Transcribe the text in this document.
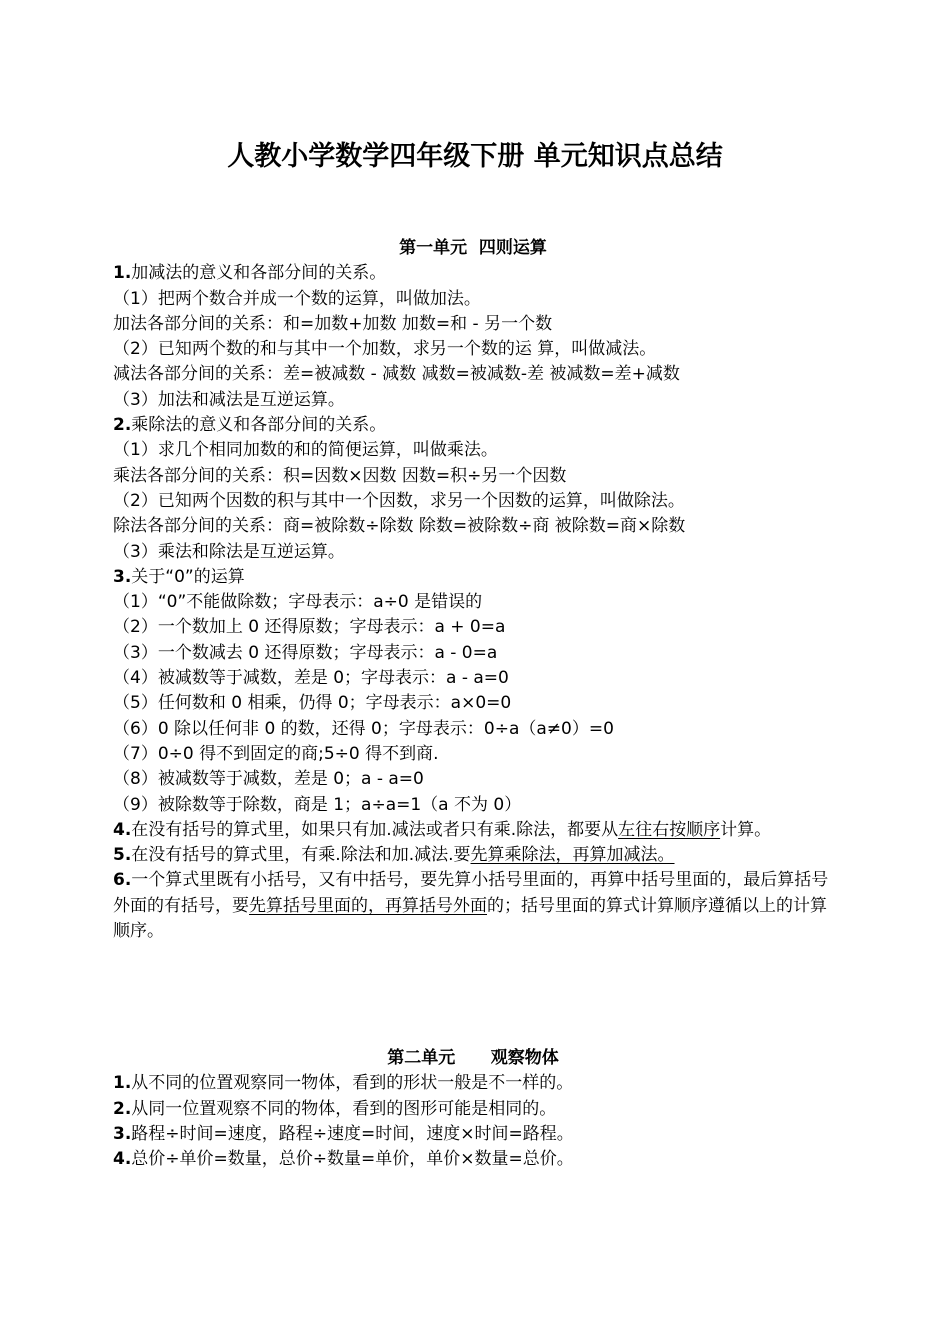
人教小学数学四年级下册 单元知识点总结
第一单元  四则运算
1.加减法的意义和各部分间的关系。
（1）把两个数合并成一个数的运算，叫做加法。
加法各部分间的关系：和=加数+加数 加数=和 - 另一个数
（2）已知两个数的和与其中一个加数，求另一个数的运 算，叫做减法。
减法各部分间的关系：差=被减数 - 减数 减数=被减数-差 被减数=差+减数
（3）加法和减法是互逆运算。
2.乘除法的意义和各部分间的关系。
（1）求几个相同加数的和的简便运算，叫做乘法。
乘法各部分间的关系：积=因数×因数 因数=积÷另一个因数
（2）已知两个因数的积与其中一个因数，求另一个因数的运算，叫做除法。
除法各部分间的关系：商=被除数÷除数 除数=被除数÷商 被除数=商×除数
（3）乘法和除法是互逆运算。
3.关于“0”的运算
（1）“0”不能做除数；字母表示：a÷0 是错误的
（2）一个数加上 0 还得原数；字母表示：a + 0=a
（3）一个数减去 0 还得原数；字母表示：a - 0=a
（4）被减数等于减数，差是 0；字母表示：a - a=0
（5）任何数和 0 相乘，仍得 0；字母表示：a×0=0
（6）0 除以任何非 0 的数，还得 0；字母表示：0÷a（a≠0）=0
（7）0÷0 得不到固定的商;5÷0 得不到商.
（8）被减数等于减数，差是 0；a - a=0
（9）被除数等于除数，商是 1；a÷a=1（a 不为 0）
4.在没有括号的算式里，如果只有加.减法或者只有乘.除法，都要从左往右按顺序计算。
5.在没有括号的算式里，有乘.除法和加.减法.要先算乘除法，再算加减法。
6.一个算式里既有小括号，又有中括号，要先算小括号里面的，再算中括号里面的，最后算括号外面的有括号，要先算括号里面的，再算括号外面的；括号里面的算式计算顺序遵循以上的计算顺序。
第二单元      观察物体
1.从不同的位置观察同一物体，看到的形状一般是不一样的。
2.从同一位置观察不同的物体，看到的图形可能是相同的。
3.路程÷时间=速度，路程÷速度=时间，速度×时间=路程。
4.总价÷单价=数量，总价÷数量=单价，单价×数量=总价。
